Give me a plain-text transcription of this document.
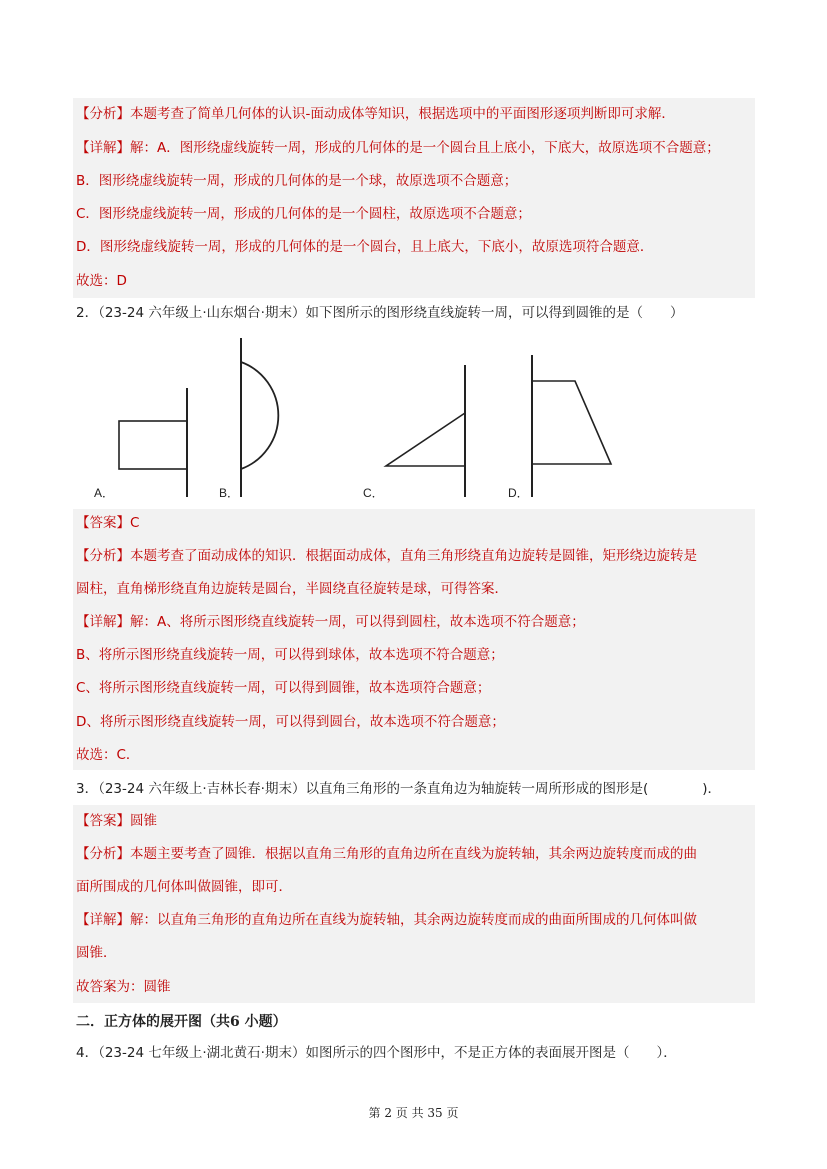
【分析】本题考查了简单几何体的认识-面动成体等知识，根据选项中的平面图形逐项判断即可求解．
【详解】解：A．图形绕虚线旋转一周，形成的几何体的是一个圆台且上底小，下底大，故原选项不合题意；
B．图形绕虚线旋转一周，形成的几何体的是一个球，故原选项不合题意；
C．图形绕虚线旋转一周，形成的几何体的是一个圆柱，故原选项不合题意；
D．图形绕虚线旋转一周，形成的几何体的是一个圆台，且上底大，下底小，故原选项符合题意．
故选：D
2．（23-24 六年级上·山东烟台·期末）如下图所示的图形绕直线旋转一周，可以得到圆锥的是（　　）
A．	B．	C．	D．
【答案】C
【分析】本题考查了面动成体的知识．根据面动成体，直角三角形绕直角边旋转是圆锥，矩形绕边旋转是
圆柱，直角梯形绕直角边旋转是圆台，半圆绕直径旋转是球，可得答案．
【详解】解：A、将所示图形绕直线旋转一周，可以得到圆柱，故本选项不符合题意；
B、将所示图形绕直线旋转一周，可以得到球体，故本选项不符合题意；
C、将所示图形绕直线旋转一周，可以得到圆锥，故本选项符合题意；
D、将所示图形绕直线旋转一周，可以得到圆台，故本选项不符合题意；
故选：C．
3．（23-24 六年级上·吉林长春·期末）以直角三角形的一条直角边为轴旋转一周所形成的图形是(　　　　)．
【答案】圆锥
【分析】本题主要考查了圆锥．根据以直角三角形的直角边所在直线为旋转轴，其余两边旋转度而成的曲
面所围成的几何体叫做圆锥，即可．
【详解】解：以直角三角形的直角边所在直线为旋转轴，其余两边旋转度而成的曲面所围成的几何体叫做
圆锥．
故答案为：圆锥
二．正方体的展开图（共6 小题）
4．（23-24 七年级上·湖北黄石·期末）如图所示的四个图形中，不是正方体的表面展开图是（　　）．
第 2 页 共 35 页
